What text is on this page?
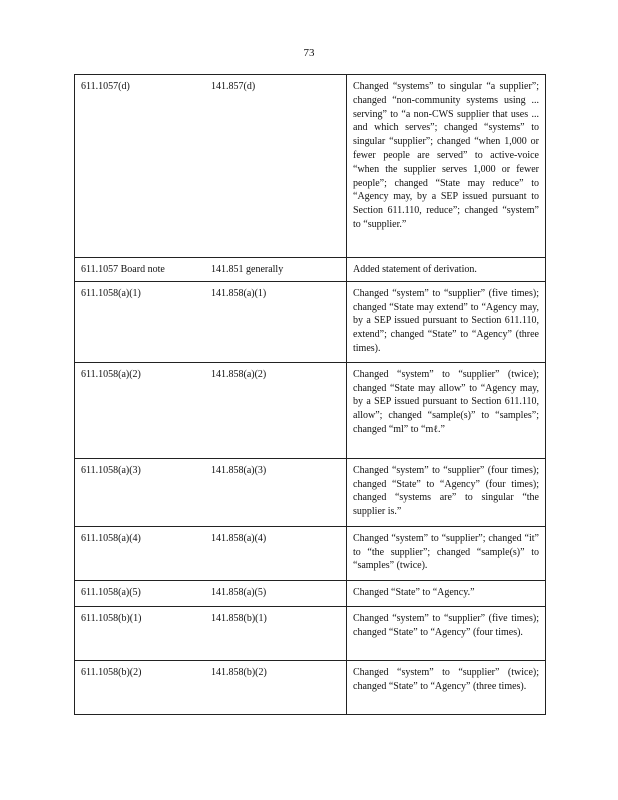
73
611.1057(d)	141.857(d)	Changed “systems” to singular “a supplier”; changed “non-community systems using ... serving” to “a non-CWS supplier that uses ... and which serves”; changed “systems” to singular “supplier”; changed “when 1,000 or fewer people are served” to active-voice “when the supplier serves 1,000 or fewer people”; changed “State may reduce” to “Agency may, by a SEP issued pursuant to Section 611.110, reduce”; changed “system” to “supplier.”
611.1057 Board note	141.851 generally	Added statement of derivation.
611.1058(a)(1)	141.858(a)(1)	Changed “system” to “supplier” (five times); changed “State may extend” to “Agency may, by a SEP issued pursuant to Section 611.110, extend”; changed “State” to “Agency” (three times).
611.1058(a)(2)	141.858(a)(2)	Changed “system” to “supplier” (twice); changed “State may allow” to “Agency may, by a SEP issued pursuant to Section 611.110, allow”; changed “sample(s)” to “samples”; changed “ml” to “mℓ.”
611.1058(a)(3)	141.858(a)(3)	Changed “system” to “supplier” (four times); changed “State” to “Agency” (four times); changed “systems are” to singular “the supplier is.”
611.1058(a)(4)	141.858(a)(4)	Changed “system” to “supplier”; changed “it” to “the supplier”; changed “sample(s)” to “samples” (twice).
611.1058(a)(5)	141.858(a)(5)	Changed “State” to “Agency.”
611.1058(b)(1)	141.858(b)(1)	Changed “system” to “supplier” (five times); changed “State” to “Agency” (four times).
611.1058(b)(2)	141.858(b)(2)	Changed “system” to “supplier” (twice); changed “State” to “Agency” (three times).
